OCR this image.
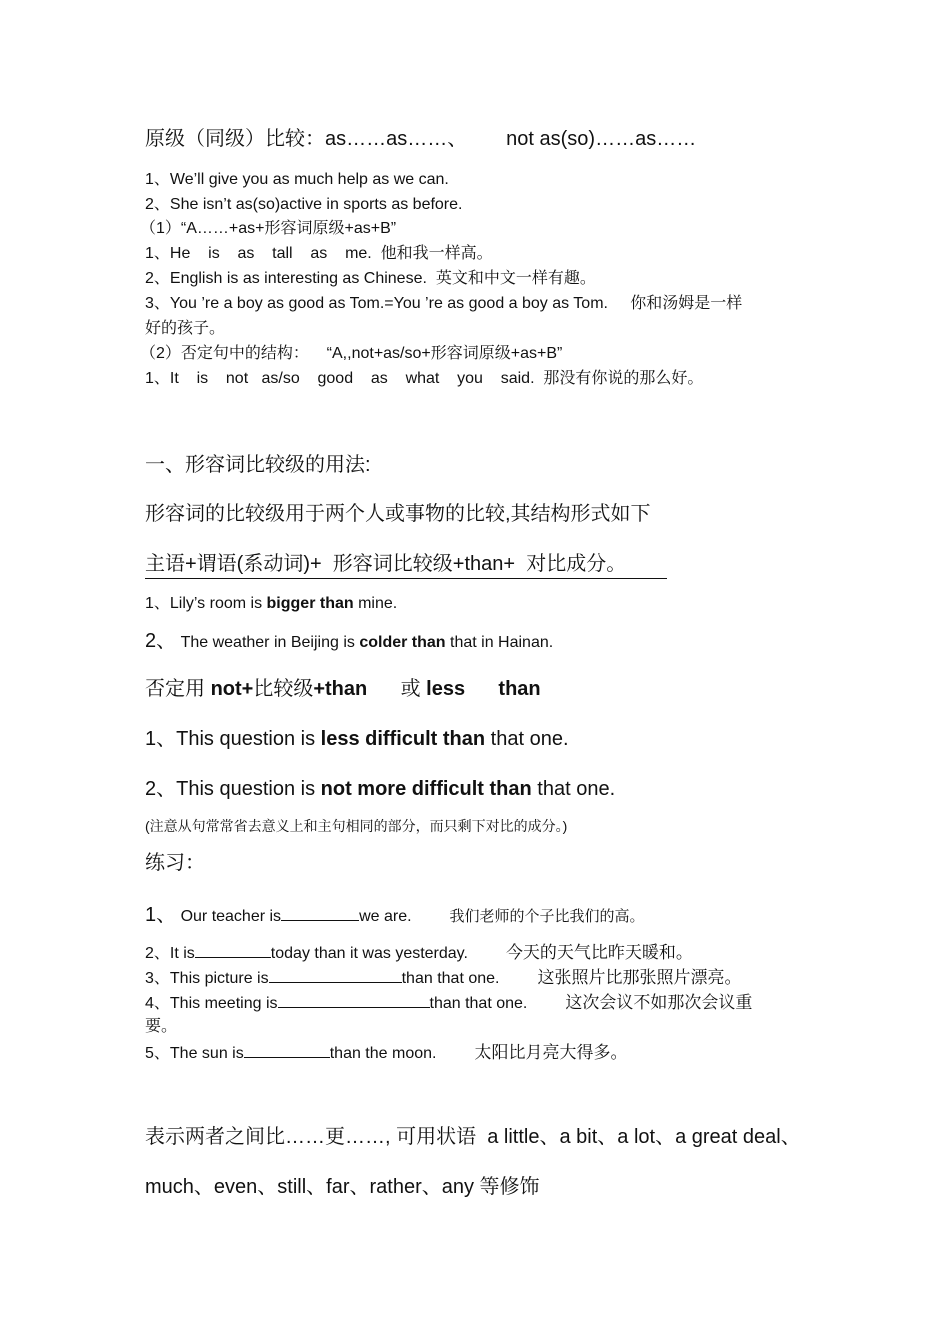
原级（同级）比较：as……as……、       not as(so)……as……
1、We’ll give you as much help as we can.
2、She isn’t as(so)active in sports as before.
（1）“A……+as+形容词原级+as+B”
1、He    is    as    tall    as    me.  他和我一样高。
2、English is as interesting as Chinese.  英文和中文一样有趣。
3、You ’re a boy as good as Tom.=You ’re as good a boy as Tom.     你和汤姆是一样
好的孩子。
（2）否定句中的结构：    “A,,not+as/so+形容词原级+as+B”
1、It    is    not   as/so    good    as    what    you    said.  那没有你说的那么好。
一、形容词比较级的用法:
形容词的比较级用于两个人或事物的比较,其结构形式如下
主语+谓语(系动词)+  形容词比较级+than+  对比成分。
1、Lily’s room is bigger than mine.
2、 The weather in Beijing is colder than that in Hainan.
否定用 not+比较级+than      或 less      than
1、This question is less difficult than that one.
2、This question is not more difficult than that one.
(注意从句常常省去意义上和主句相同的部分，而只剩下对比的成分。)
练习：
1、 Our teacher is	we are.	我们老师的个子比我们的高。
2、It is	today than it was yesterday. 今天的天气比昨天暖和。
3、This picture is	than that one. 这张照片比那张照片漂亮。
4、This meeting is	than that one. 这次会议不如那次会议重
要。
5、The sun is	than the moon. 太阳比月亮大得多。
表示两者之间比……更……, 可用状语  a little、a bit、a lot、a great deal、
much、even、still、far、rather、any 等修饰
